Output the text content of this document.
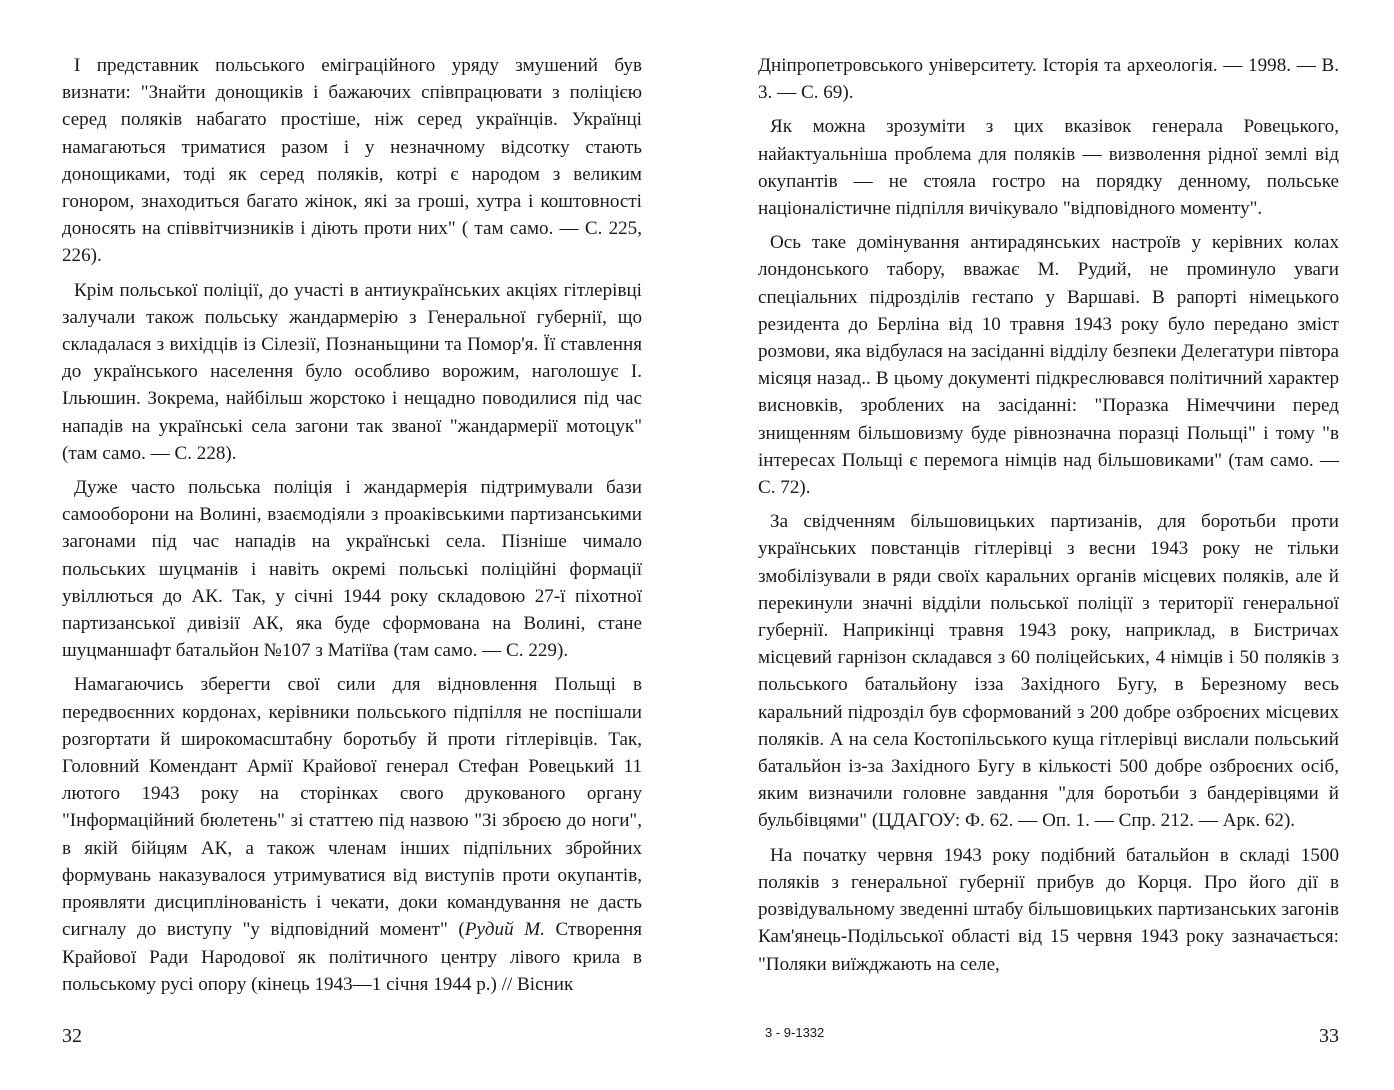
І представник польського еміграційного уряду змушений був визнати: "Знайти донощиків і бажаючих співпрацювати з поліцією серед поляків набагато простіше, ніж серед українців. Українці намагаються триматися разом і у незначному відсотку стають донощиками, тоді як серед поляків, котрі є народом з великим гонором, знаходиться багато жінок, які за гроші, хутра і коштовності доносять на співвітчизників і діють проти них" ( там само. — С. 225, 226).

Крім польської поліції, до участі в антиукраїнських акціях гітлерівці залучали також польську жандармерію з Генеральної губернії, що складалася з вихідців із Сілезії, Познаньщини та Помор'я. Її ставлення до українського населення було особливо ворожим, наголошує І. Ільюшин. Зокрема, найбільш жорстоко і нещадно поводилися під час нападів на українські села загони так званої "жандармерії мотоцук" (там само. — С. 228).

Дуже часто польська поліція і жандармерія підтримували бази самооборони на Волині, взаємодіяли з проаківськими партизанськими загонами під час нападів на українські села. Пізніше чимало польських шуцманів і навіть окремі польські поліційні формації увіллються до АК. Так, у січні 1944 року складовою 27-ї піхотної партизанської дивізії АК, яка буде сформована на Волині, стане шуцманшафт батальйон №107 з Матіїва (там само. — С. 229).

Намагаючись зберегти свої сили для відновлення Польщі в передвоєнних кордонах, керівники польського підпілля не поспішали розгортати й широкомасштабну боротьбу й проти гітлерівців. Так, Головний Комендант Армії Крайової генерал Стефан Ровецький 11 лютого 1943 року на сторінках свого друкованого органу "Інформаційний бюлетень" зі статтею під назвою "Зі зброєю до ноги", в якій бійцям АК, а також членам інших підпільних збройних формувань наказувалося утримуватися від виступів проти окупантів, проявляти дисциплінованість і чекати, доки командування не дасть сигналу до виступу "у відповідний момент" (Рудий М. Створення Крайової Ради Народової як політичного центру лівого крила в польському русі опору (кінець 1943—1 січня 1944 р.) // Вісник

Дніпропетровського університету. Історія та археологія. — 1998. — В. 3. — С. 69).

Як можна зрозуміти з цих вказівок генерала Ровецького, найактуальніша проблема для поляків — визволення рідної землі від окупантів — не стояла гостро на порядку денному, польське націоналістичне підпілля вичікувало "відповідного моменту".

Ось таке домінування антирадянських настроїв у керівних колах лондонського табору, вважає М. Рудий, не проминуло уваги спеціальних підрозділів гестапо у Варшаві. В рапорті німецького резидента до Берліна від 10 травня 1943 року було передано зміст розмови, яка відбулася на засіданні відділу безпеки Делегатури півтора місяця назад.. В цьому документі підкреслювався політичний характер висновків, зроблених на засіданні: "Поразка Німеччини перед знищенням більшовизму буде рівнозначна поразці Польщі" і тому "в інтересах Польщі є перемога німців над більшовиками" (там само. —С. 72).

За свідченням більшовицьких партизанів, для боротьби проти українських повстанців гітлерівці з весни 1943 року не тільки змобілізували в ряди своїх каральних органів місцевих поляків, але й перекинули значні відділи польської поліції з території генеральної губернії. Наприкінці травня 1943 року, наприклад, в Бистричах місцевий гарнізон складався з 60 поліцейських, 4 німців і 50 поляків з польського батальйону ізза Західного Бугу, в Березному весь каральний підрозділ був сформований з 200 добре озброєних місцевих поляків. А на села Костопільського куща гітлерівці вислали польський батальйон із-за Західного Бугу в кількості 500 добре озброєних осіб, яким визначили головне завдання "для боротьби з бандерівцями й бульбівцями" (ЦДАГОУ: Ф. 62. — Оп. 1. — Спр. 212. — Арк. 62).

На початку червня 1943 року подібний батальйон в складі 1500 поляків з генеральної губернії прибув до Корця. Про його дії в розвідувальному зведенні штабу більшовицьких партизанських загонів Кам'янець-Подільської області від 15 червня 1943 року зазначається: "Поляки виїжджають на селе,

32	3 - 9-1332	33
